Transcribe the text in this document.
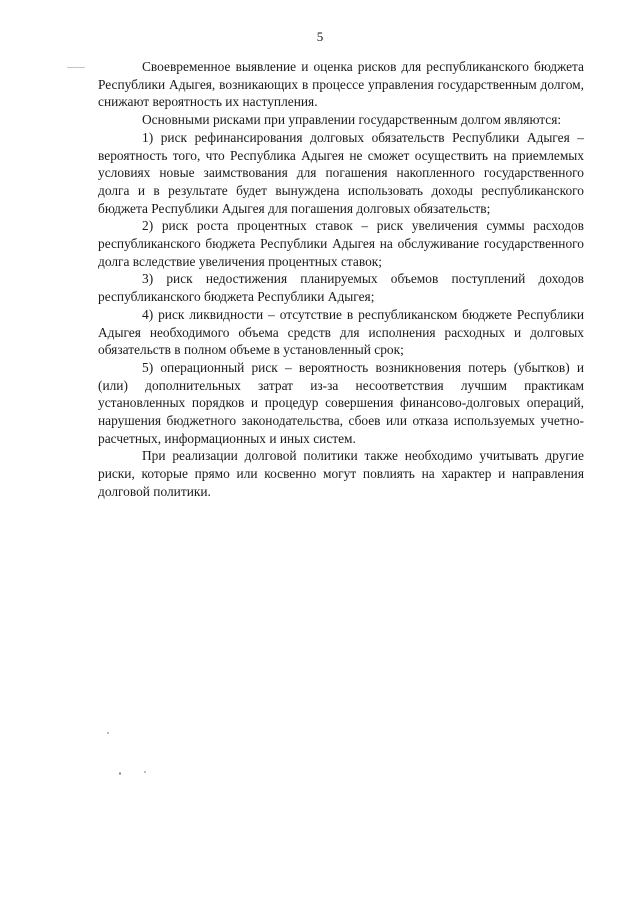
5

Своевременное выявление и оценка рисков для республиканского бюджета Республики Адыгея, возникающих в процессе управления государственным долгом, снижают вероятность их наступления.

Основными рисками при управлении государственным долгом являются:

1) риск рефинансирования долговых обязательств Республики Адыгея – вероятность того, что Республика Адыгея не сможет осуществить на приемлемых условиях новые заимствования для погашения накопленного государственного долга и в результате будет вынуждена использовать доходы республиканского бюджета Республики Адыгея для погашения долговых обязательств;

2) риск роста процентных ставок – риск увеличения суммы расходов республиканского бюджета Республики Адыгея на обслуживание государственного долга вследствие увеличения процентных ставок;

3) риск недостижения планируемых объемов поступлений доходов республиканского бюджета Республики Адыгея;

4) риск ликвидности – отсутствие в республиканском бюджете Республики Адыгея необходимого объема средств для исполнения расходных и долговых обязательств в полном объеме в установленный срок;

5) операционный риск – вероятность возникновения потерь (убытков) и (или) дополнительных затрат из-за несоответствия лучшим практикам установленных порядков и процедур совершения финансово-долговых операций, нарушения бюджетного законодательства, сбоев или отказа используемых учетно-расчетных, информационных и иных систем.

При реализации долговой политики также необходимо учитывать другие риски, которые прямо или косвенно могут повлиять на характер и направления долговой политики.
